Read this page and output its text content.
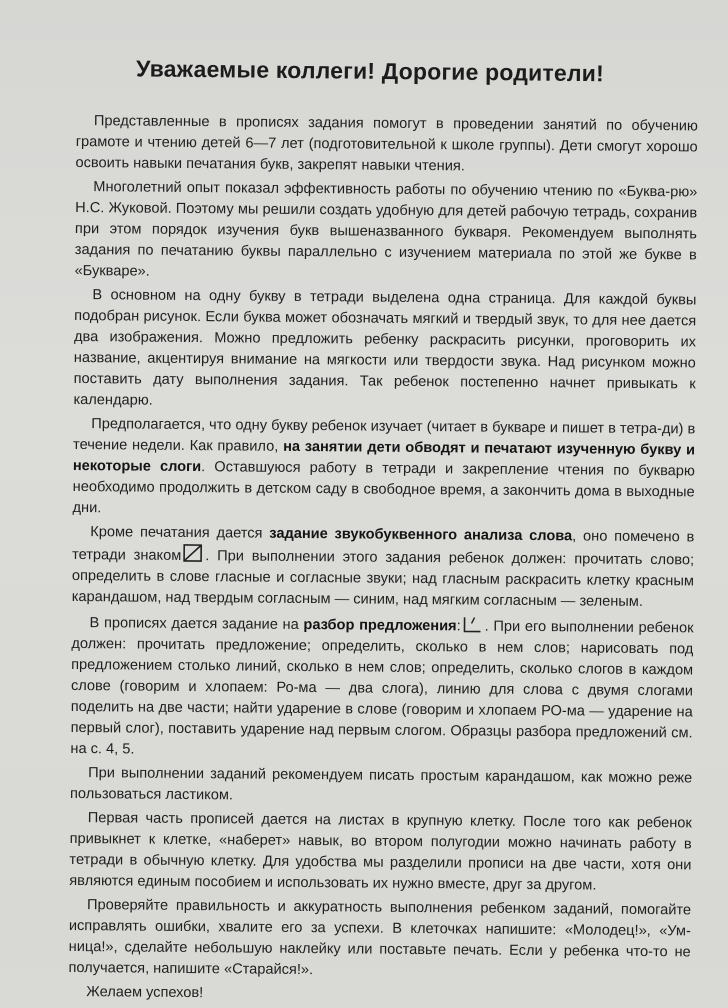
Уважаемые коллеги! Дорогие родители!

Представленные в прописях задания помогут в проведении занятий по обучению грамоте и чтению детей 6—7 лет (подготовительной к школе группы). Дети смогут хорошо освоить навыки печатания букв, закрепят навыки чтения.

Многолетний опыт показал эффективность работы по обучению чтению по «Буква-рю» Н.С. Жуковой. Поэтому мы решили создать удобную для детей рабочую тетрадь, сохранив при этом порядок изучения букв вышеназванного букваря. Рекомендуем выполнять задания по печатанию буквы параллельно с изучением материала по этой же букве в «Букваре».

В основном на одну букву в тетради выделена одна страница. Для каждой буквы подобран рисунок. Если буква может обозначать мягкий и твердый звук, то для нее дается два изображения. Можно предложить ребенку раскрасить рисунки, проговорить их название, акцентируя внимание на мягкости или твердости звука. Над рисунком можно поставить дату выполнения задания. Так ребенок постепенно начнет привыкать к календарю.

Предполагается, что одну букву ребенок изучает (читает в букваре и пишет в тетра-ди) в течение недели. Как правило, на занятии дети обводят и печатают изученную букву и некоторые слоги. Оставшуюся работу в тетради и закрепление чтения по букварю необходимо продолжить в детском саду в свободное время, а закончить дома в выходные дни.

Кроме печатания дается задание звукобуквенного анализа слова, оно помечено в тетради знаком . При выполнении этого задания ребенок должен: прочитать слово; определить в слове гласные и согласные звуки; над гласным раскрасить клетку красным карандашом, над твердым согласным — синим, над мягким согласным — зеленым.

В прописях дается задание на разбор предложения: . При его выполнении ребенок должен: прочитать предложение; определить, сколько в нем слов; нарисовать под предложением столько линий, сколько в нем слов; определить, сколько слогов в каждом слове (говорим и хлопаем: Ро-ма — два слога), линию для слова с двумя слогами поделить на две части; найти ударение в слове (говорим и хлопаем РО-ма — ударение на первый слог), поставить ударение над первым слогом. Образцы разбора предложений см. на с. 4, 5.

При выполнении заданий рекомендуем писать простым карандашом, как можно реже пользоваться ластиком.

Первая часть прописей дается на листах в крупную клетку. После того как ребенок привыкнет к клетке, «наберет» навык, во втором полугодии можно начинать работу в тетради в обычную клетку. Для удобства мы разделили прописи на две части, хотя они являются единым пособием и использовать их нужно вместе, друг за другом.

Проверяйте правильность и аккуратность выполнения ребенком заданий, помогайте исправлять ошибки, хвалите его за успехи. В клеточках напишите: «Молодец!», «Ум-ница!», сделайте небольшую наклейку или поставьте печать. Если у ребенка что-то не получается, напишите «Старайся!».

Желаем успехов!
